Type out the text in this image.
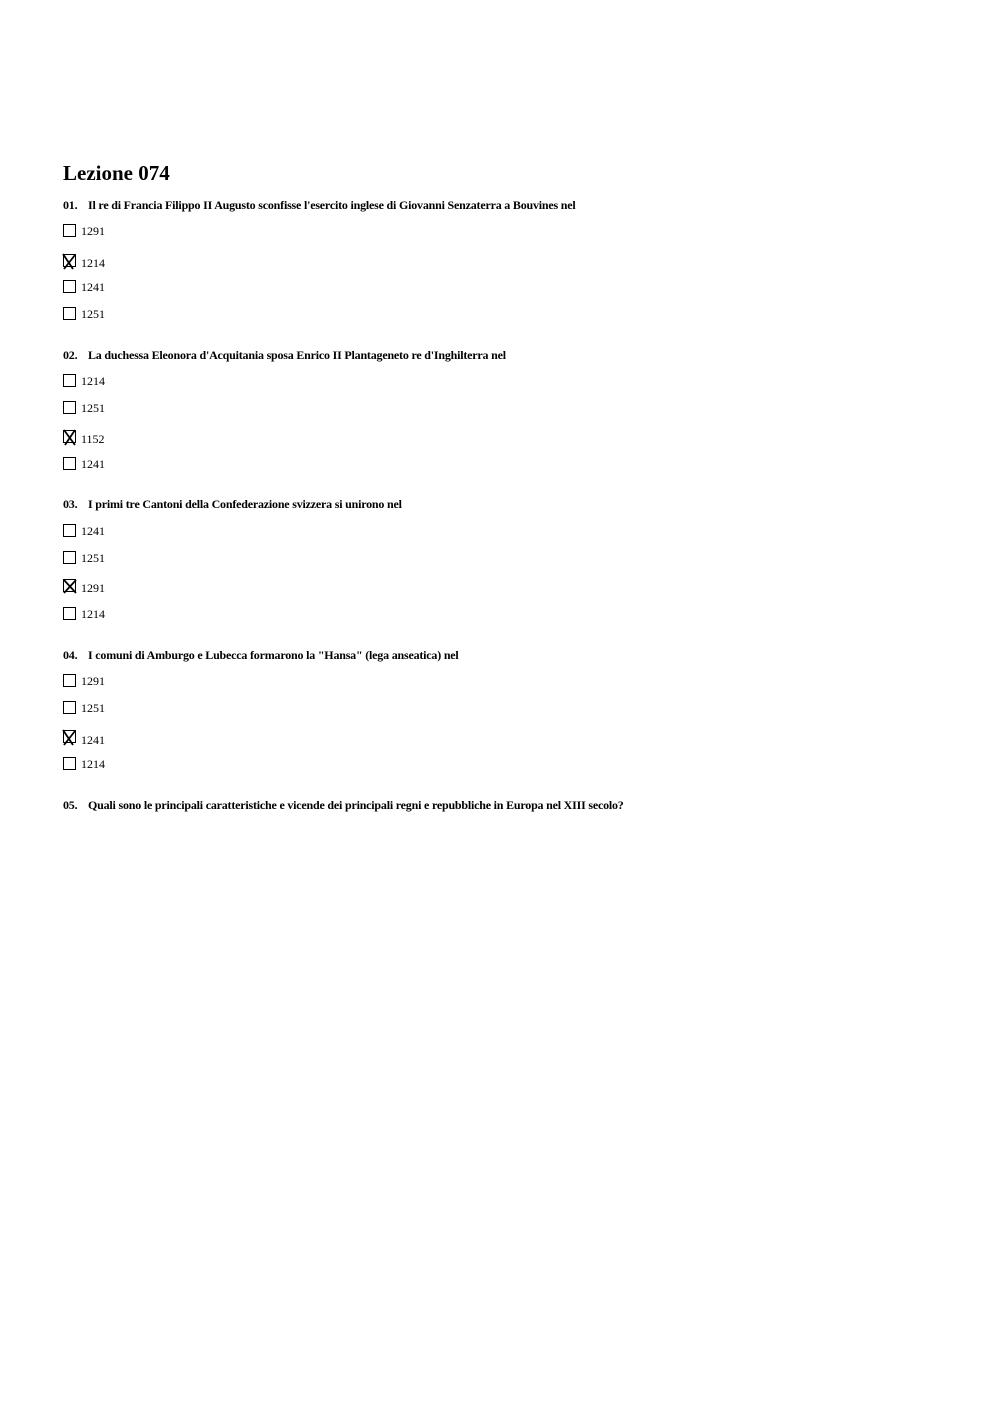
Lezione 074
01. Il re di Francia Filippo II Augusto sconfisse l'esercito inglese di Giovanni Senzaterra a Bouvines nel
1291
1214
1241
1251
02. La duchessa Eleonora d'Acquitania sposa Enrico II Plantageneto re d'Inghilterra nel
1214
1251
1152
1241
03. I primi tre Cantoni della Confederazione svizzera si unirono nel
1241
1251
1291
1214
04. I comuni di Amburgo e Lubecca formarono la "Hansa" (lega anseatica) nel
1291
1251
1241
1214
05. Quali sono le principali caratteristiche e vicende dei principali regni e repubbliche in Europa nel XIII secolo?
